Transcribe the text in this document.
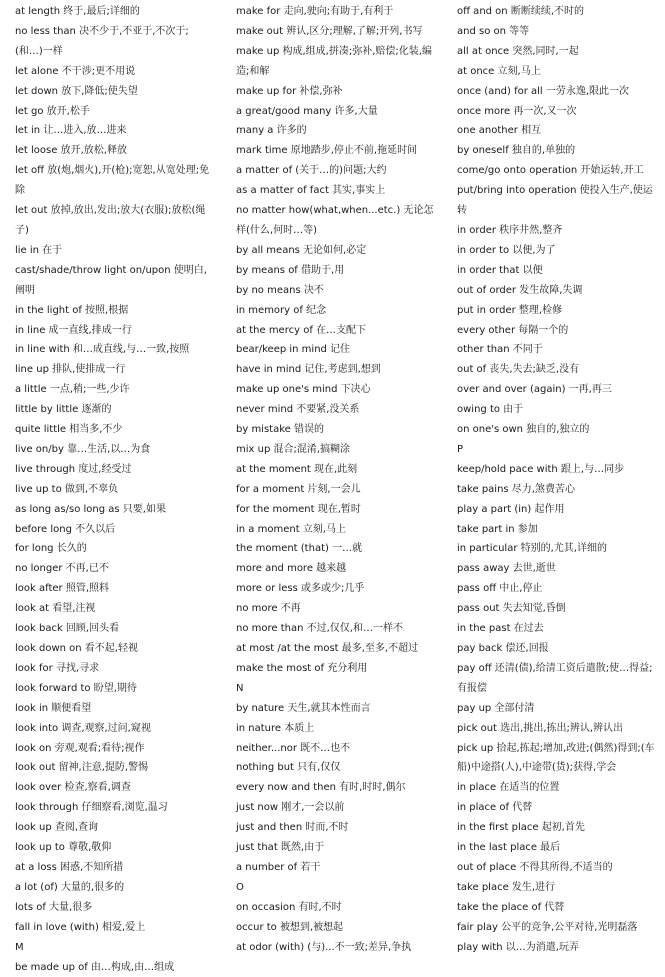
at length 终于,最后;详细的

no less than 决不少于,不亚于,不次于;(和…)一样

let alone 不干涉;更不用说

let down 放下,降低;使失望

let go 放开,松手

let in 让…进入,放…进来

let loose 放开,放松,释放

let off 放(炮,烟火),开(枪);宽恕,从宽处理;免除

let out 放掉,放出,发出;放大(衣服);放松(绳子)

lie in 在于

cast/shade/throw light on/upon 使明白,阐明

in the light of 按照,根据

in line 成一直线,排成一行

in line with 和…成直线,与…一致,按照

line up 排队,使排成一行

a little 一点,稍;一些,少许

little by little 逐渐的

quite little 相当多,不少

live on/by 靠…生活,以…为食

live through 度过,经受过

live up to 做到,不辜负

as long as/so long as 只要,如果

before long 不久以后

for long 长久的

no longer 不再,已不

look after 照管,照料

look at 看望,注视

look back 回顾,回头看

look down on 看不起,轻视

look for 寻找,寻求

look forward to 盼望,期待

look in 顺便看望

look into 调查,观察,过问,窥视

look on 旁观,观看;看待;视作

look out 留神,注意,提防,警惕

look over 检查,察看,调查

look through 仔细察看,浏览,温习

look up 查阅,查询

look up to 尊敬,敬仰

at a loss 困惑,不知所措

a lot (of) 大量的,很多的

lots of 大量,很多

fall in love (with) 相爱,爱上

M

be made up of 由…构成,由…组成

make for 走向,驶向;有助于,有利于

make out 辨认,区分;理解,了解;开列,书写

make up 构成,组成,拼凑;弥补,赔偿;化装,编造;和解

make up for 补偿,弥补

a great/good many 许多,大量

many a 许多的

mark time 原地踏步,停止不前,拖延时间

a matter of (关于…的)问题;大约

as a matter of fact 其实,事实上

no matter how(what,when...etc.) 无论怎样(什么,何时…等)

by all means 无论如何,必定

by means of 借助于,用

by no means 决不

in memory of 纪念

at the mercy of 在…支配下

bear/keep in mind 记住

have in mind 记住,考虑到,想到

make up one's mind 下决心

never mind 不要紧,没关系

by mistake 错误的

mix up 混合;混淆,搞糊涂

at the moment 现在,此刻

for a moment 片刻,一会儿

for the moment 现在,暂时

in a moment 立刻,马上

the moment (that) 一…就

more and more 越来越

more or less 或多或少;几乎

no more 不再

no more than 不过,仅仅,和…一样不

at most /at the most 最多,至多,不超过

make the most of 充分利用

N

by nature 天生,就其本性而言

in nature 本质上

neither...nor 既不…也不

nothing but 只有,仅仅

every now and then 有时,时时,偶尔

just now 刚才,一会以前

just and then 时而,不时

just that 既然,由于

a number of 若干

O

on occasion 有时,不时

occur to 被想到,被想起

at odor (with) (与)...不一致;差异,争执

off and on 断断续续,不时的

and so on 等等

all at once 突然,同时,一起

at once 立刻,马上

once (and) for all 一劳永逸,限此一次

once more 再一次,又一次

one another 相互

by oneself 独自的,单独的

come/go onto operation 开始运转,开工

put/bring into operation 使投入生产,使运转

in order 秩序井然,整齐

in order to 以便,为了

in order that 以便

out of order 发生故障,失调

put in order 整理,检修

every other 每隔一个的

other than 不同于

out of 丧失,失去;缺乏,没有

over and over (again) 一再,再三

owing to 由于

on one's own 独自的,独立的

P

keep/hold pace with 跟上,与…同步

take pains 尽力,煞费苦心

play a part (in) 起作用

take part in 参加

in particular 特别的,尤其,详细的

pass away 去世,逝世

pass off 中止,停止

pass out 失去知觉,昏倒

in the past 在过去

pay back 偿还,回报

pay off 还清(债),给清工资后遣散;使…得益;有报偿

pay up 全部付清

pick out 选出,挑出,拣出;辨认,辨认出

pick up 拾起,拣起;增加,改进;(偶然)得到;(车船)中途搭(人),中途带(货);获得,学会

in place 在适当的位置

in place of 代替

in the first place 起初,首先

in the last place 最后

out of place 不得其所得,不适当的

take place 发生,进行

take the place of 代替

fair play 公平的竞争,公平对待,光明磊落

play with 以…为消遣,玩弄
